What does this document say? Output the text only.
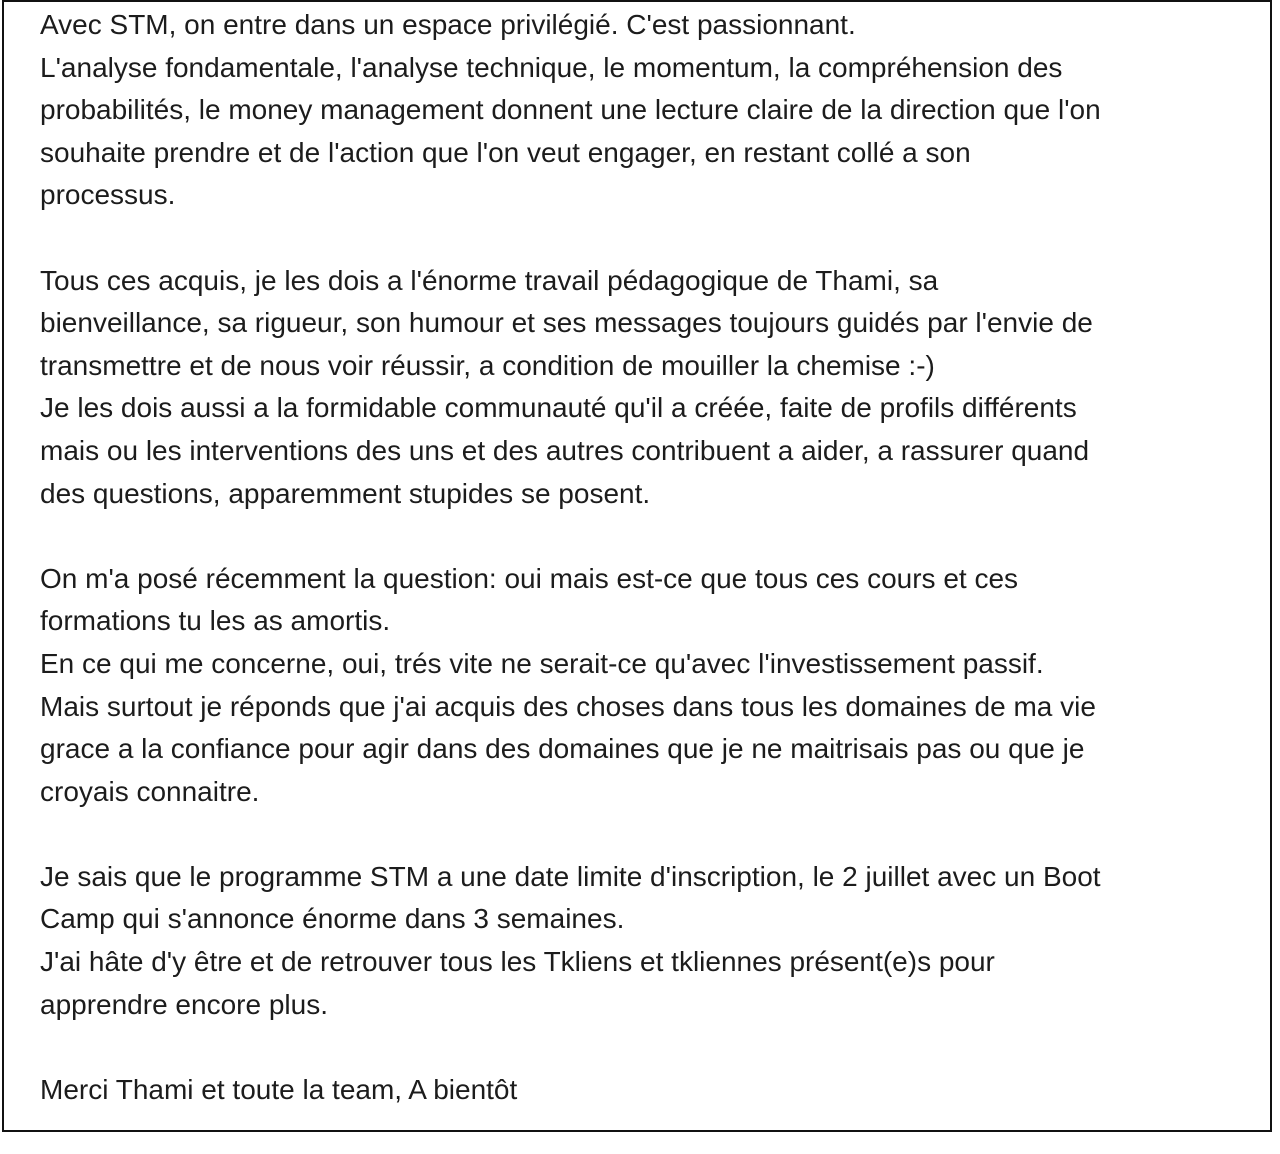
Avec STM, on entre dans un espace privilégié. C'est passionnant.
L'analyse fondamentale, l'analyse technique, le momentum, la compréhension des
probabilités, le money management donnent une lecture claire de la direction que l'on
souhaite prendre et de l'action que l'on veut engager, en restant collé a son
processus.

Tous ces acquis, je les dois a l'énorme travail pédagogique de Thami, sa
bienveillance, sa rigueur, son humour et ses messages toujours guidés par l'envie de
transmettre et de nous voir réussir, a condition de mouiller la chemise :-)
Je les dois aussi a la formidable communauté qu'il a créée, faite de profils différents
mais ou les interventions des uns et des autres contribuent a aider, a rassurer quand
des questions, apparemment stupides se posent.

On m'a posé récemment la question: oui mais est-ce que tous ces cours et ces
formations tu les as amortis.
En ce qui me concerne, oui, trés vite ne serait-ce qu'avec l'investissement passif.
Mais surtout je réponds que j'ai acquis des choses dans tous les domaines de ma vie
grace a la confiance pour agir dans des domaines que je ne maitrisais pas ou que je
croyais connaitre.

Je sais que le programme STM a une date limite d'inscription, le 2 juillet avec un Boot
Camp qui s'annonce énorme dans 3 semaines.
J'ai hâte d'y être et de retrouver tous les Tkliens et tkliennes présent(e)s pour
apprendre encore plus.

Merci Thami et toute la team, A bientôt
